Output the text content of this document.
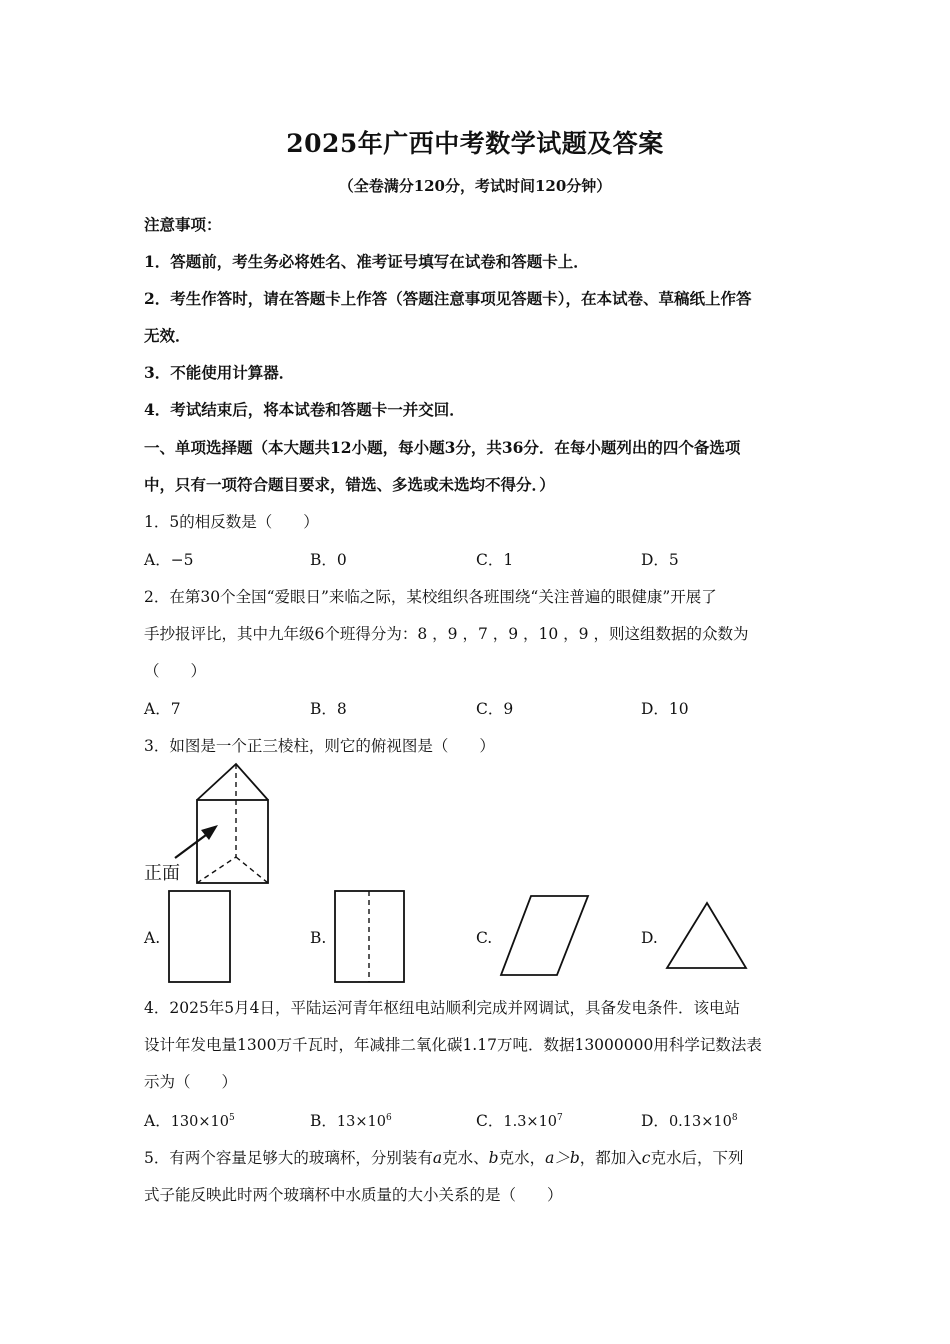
2025年广西中考数学试题及答案
（全卷满分120分，考试时间120分钟）
注意事项：
1．答题前，考生务必将姓名、准考证号填写在试卷和答题卡上．
2．考生作答时，请在答题卡上作答（答题注意事项见答题卡），在本试卷、草稿纸上作答
无效．
3．不能使用计算器．
4．考试结束后，将本试卷和答题卡一并交回．
一、单项选择题（本大题共12小题，每小题3分，共36分．在每小题列出的四个备选项
中，只有一项符合题目要求，错选、多选或未选均不得分．）
1．5的相反数是（　　）
A．−5	B．0	C．1	D．5
2．在第30个全国“爱眼日”来临之际，某校组织各班围绕“关注普遍的眼健康”开展了
手抄报评比，其中九年级6个班得分为：8 ，9 ，7 ，9 ，10 ，9 ，则这组数据的众数为
（　　）
A．7	B．8	C．9	D．10
3．如图是一个正三棱柱，则它的俯视图是（　　）
正面
A.	B.	C.	D.
4．2025年5月4日，平陆运河青年枢纽电站顺利完成并网调试，具备发电条件．该电站
设计年发电量1300万千瓦时，年减排二氧化碳1.17万吨．数据13000000用科学记数法表
示为（　　）
A．$130\times 10^5$	B．$13\times 10^6$	C．$1.3\times 10^7$	D．$0.13\times 10^8$
5．有两个容量足够大的玻璃杯，分别装有a克水、b克水，a＞b，都加入c克水后，下列
式子能反映此时两个玻璃杯中水质量的大小关系的是（　　）
